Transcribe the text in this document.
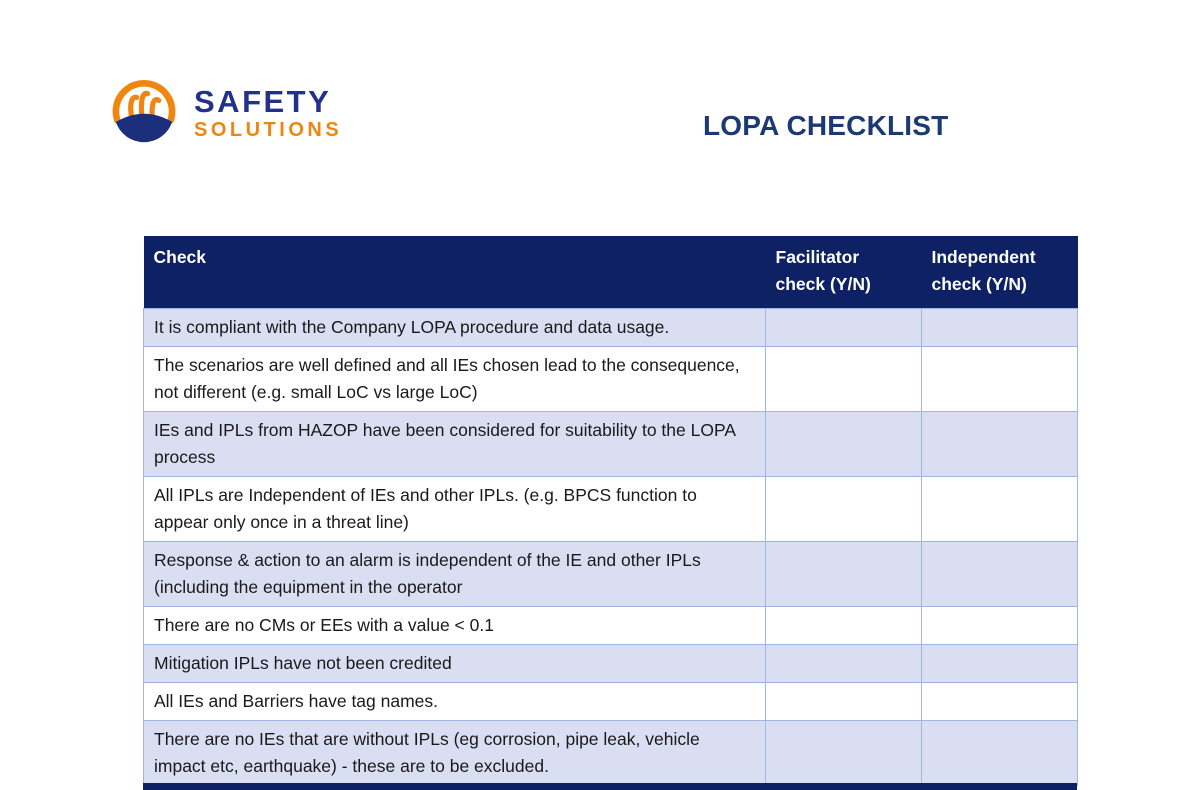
SAFETY
SOLUTIONS	LOPA CHECKLIST
Check	Facilitator check (Y/N)	Independent check (Y/N)
It is compliant with the Company LOPA procedure and data usage.		
The scenarios are well defined and all IEs chosen lead to the consequence, not different (e.g. small LoC vs large LoC)		
IEs and IPLs from HAZOP have been considered for suitability to the LOPA process		
All IPLs are Independent of IEs and other IPLs. (e.g. BPCS function to appear only once in a threat line)		
Response & action to an alarm is independent of the IE and other IPLs (including the equipment in the operator		
There are no CMs or EEs with a value < 0.1		
Mitigation IPLs have not been credited		
All IEs and Barriers have tag names.		
There are no IEs that are without IPLs (eg corrosion, pipe leak, vehicle impact etc, earthquake) - these are to be excluded.		
